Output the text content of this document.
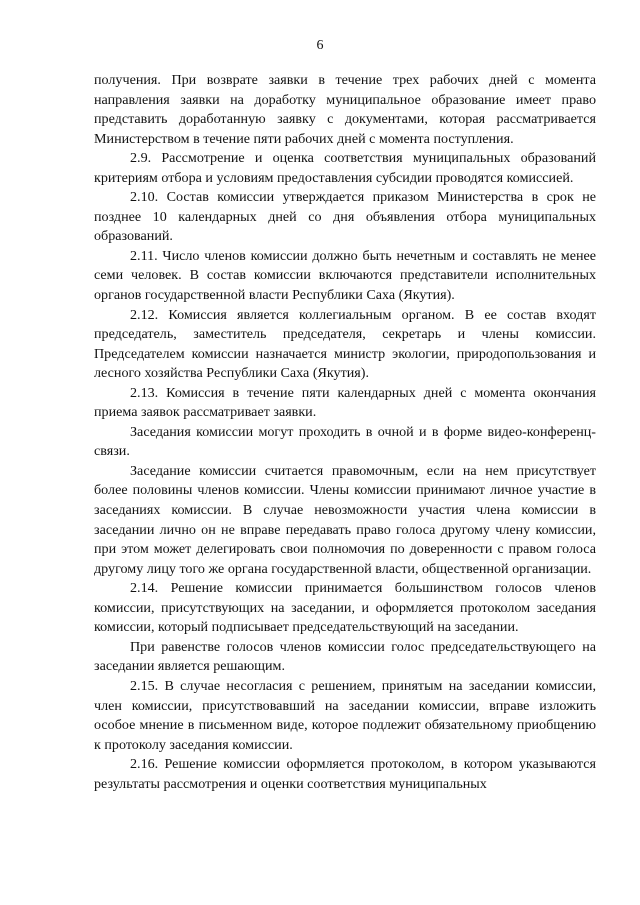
6

получения. При возврате заявки в течение трех рабочих дней с момента направления заявки на доработку муниципальное образование имеет право представить доработанную заявку с документами, которая рассматривается Министерством в течение пяти рабочих дней с момента поступления.

2.9. Рассмотрение и оценка соответствия муниципальных образований критериям отбора и условиям предоставления субсидии проводятся комиссией.

2.10. Состав комиссии утверждается приказом Министерства в срок не позднее 10 календарных дней со дня объявления отбора муниципальных образований.

2.11. Число членов комиссии должно быть нечетным и составлять не менее семи человек. В состав комиссии включаются представители исполнительных органов государственной власти Республики Саха (Якутия).

2.12. Комиссия является коллегиальным органом. В ее состав входят председатель, заместитель председателя, секретарь и члены комиссии. Председателем комиссии назначается министр экологии, природопользования и лесного хозяйства Республики Саха (Якутия).

2.13. Комиссия в течение пяти календарных дней с момента окончания приема заявок рассматривает заявки.

Заседания комиссии могут проходить в очной и в форме видео-конференц-связи.

Заседание комиссии считается правомочным, если на нем присутствует более половины членов комиссии. Члены комиссии принимают личное участие в заседаниях комиссии. В случае невозможности участия члена комиссии в заседании лично он не вправе передавать право голоса другому члену комиссии, при этом может делегировать свои полномочия по доверенности с правом голоса другому лицу того же органа государственной власти, общественной организации.

2.14. Решение комиссии принимается большинством голосов членов комиссии, присутствующих на заседании, и оформляется протоколом заседания комиссии, который подписывает председательствующий на заседании.

При равенстве голосов членов комиссии голос председательствующего на заседании является решающим.

2.15. В случае несогласия с решением, принятым на заседании комиссии, член комиссии, присутствовавший на заседании комиссии, вправе изложить особое мнение в письменном виде, которое подлежит обязательному приобщению к протоколу заседания комиссии.

2.16. Решение комиссии оформляется протоколом, в котором указываются результаты рассмотрения и оценки соответствия муниципальных
